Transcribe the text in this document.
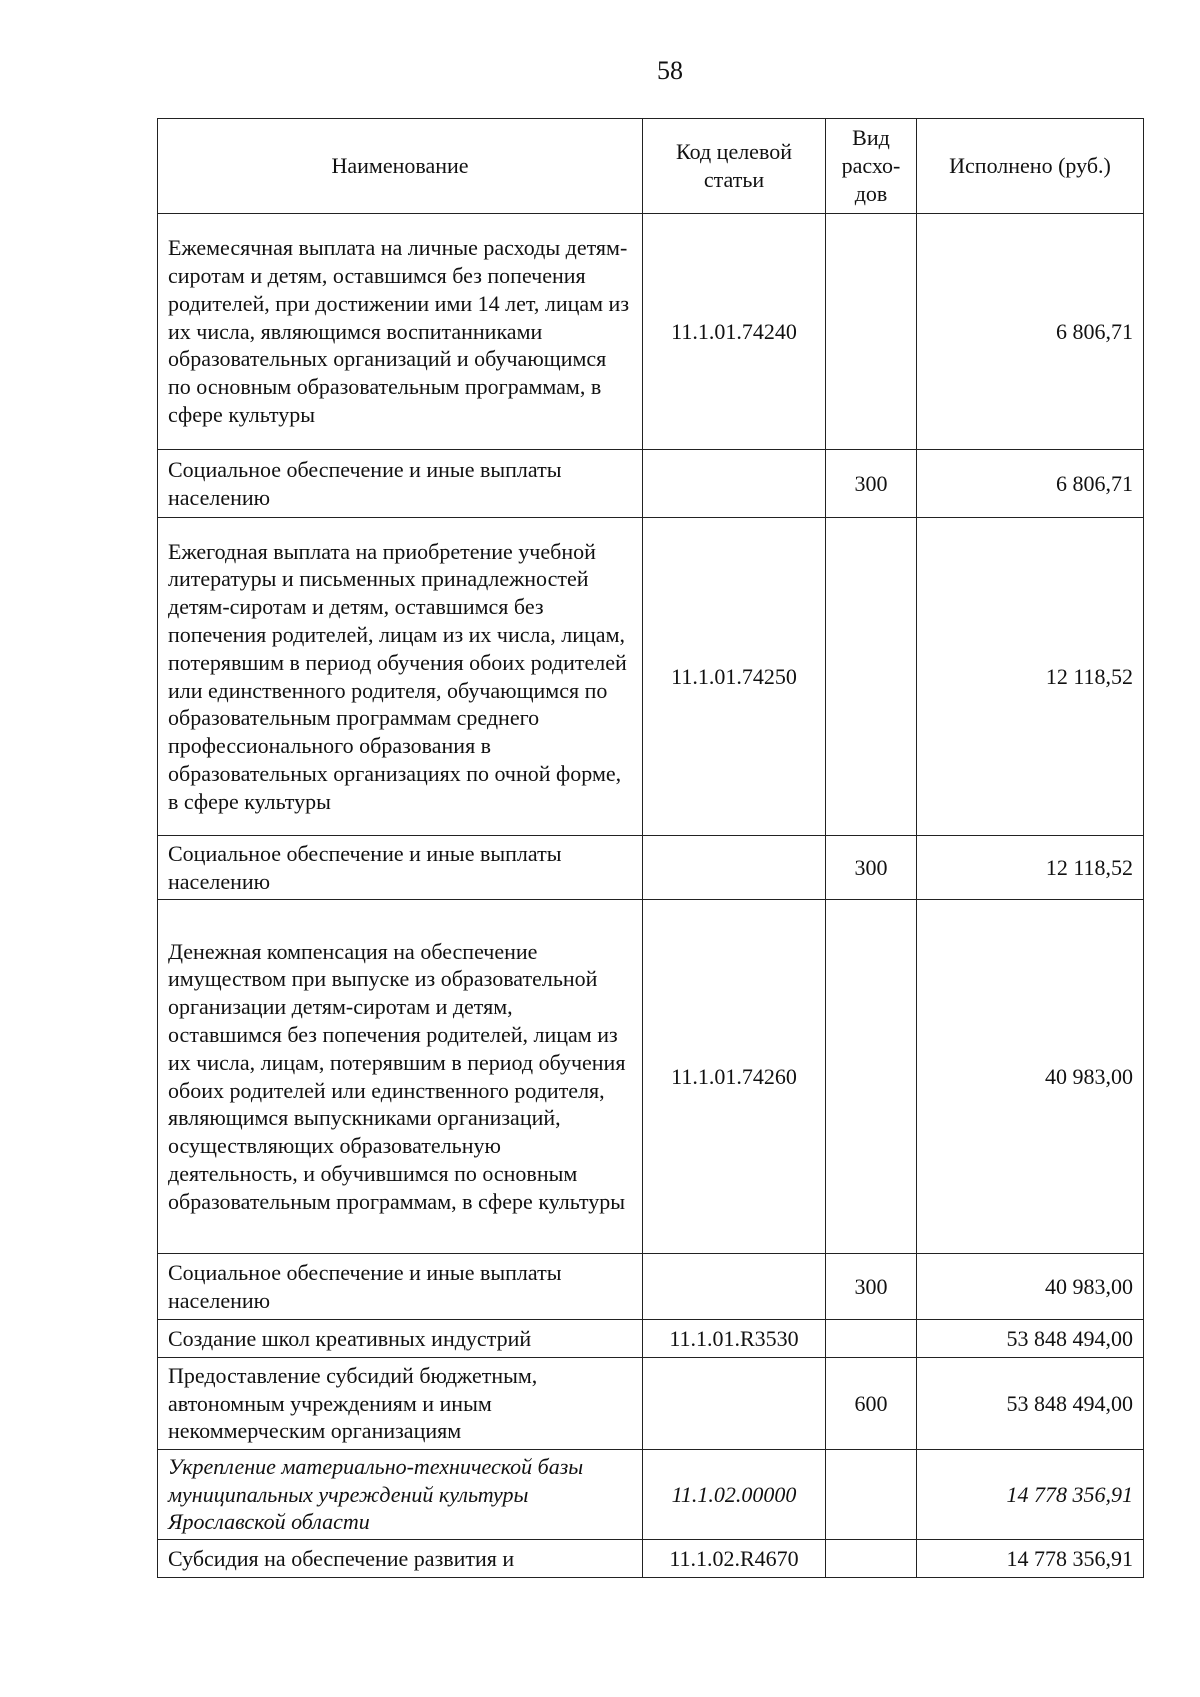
58
Наименование	Код целевой статьи	Вид расхо-дов	Исполнено (руб.)
Ежемесячная выплата на личные расходы детям-сиротам и детям, оставшимся без попечения родителей, при достижении ими 14 лет, лицам из их числа, являющимся воспитанниками образовательных организаций и обучающимся по основным образовательным программам, в сфере культуры	11.1.01.74240		6 806,71
Социальное обеспечение и иные выплаты населению		300	6 806,71
Ежегодная выплата на приобретение учебной литературы и письменных принадлежностей детям-сиротам и детям, оставшимся без попечения родителей, лицам из их числа, лицам, потерявшим в период обучения обоих родителей или единственного родителя, обучающимся по образовательным программам среднего профессионального образования в образовательных организациях по очной форме, в сфере культуры	11.1.01.74250		12 118,52
Социальное обеспечение и иные выплаты населению		300	12 118,52
Денежная компенсация на обеспечение имуществом при выпуске из образовательной организации детям-сиротам и детям, оставшимся без попечения родителей, лицам из их числа, лицам, потерявшим в период обучения обоих родителей или единственного родителя, являющимся выпускниками организаций, осуществляющих образовательную деятельность, и обучившимся по основным образовательным программам, в сфере культуры	11.1.01.74260		40 983,00
Социальное обеспечение и иные выплаты населению		300	40 983,00
Создание школ креативных индустрий	11.1.01.R3530		53 848 494,00
Предоставление субсидий бюджетным, автономным учреждениям и иным некоммерческим организациям		600	53 848 494,00
Укрепление материально-технической базы муниципальных учреждений культуры Ярославской области	11.1.02.00000		14 778 356,91
Субсидия на обеспечение развития и	11.1.02.R4670		14 778 356,91
